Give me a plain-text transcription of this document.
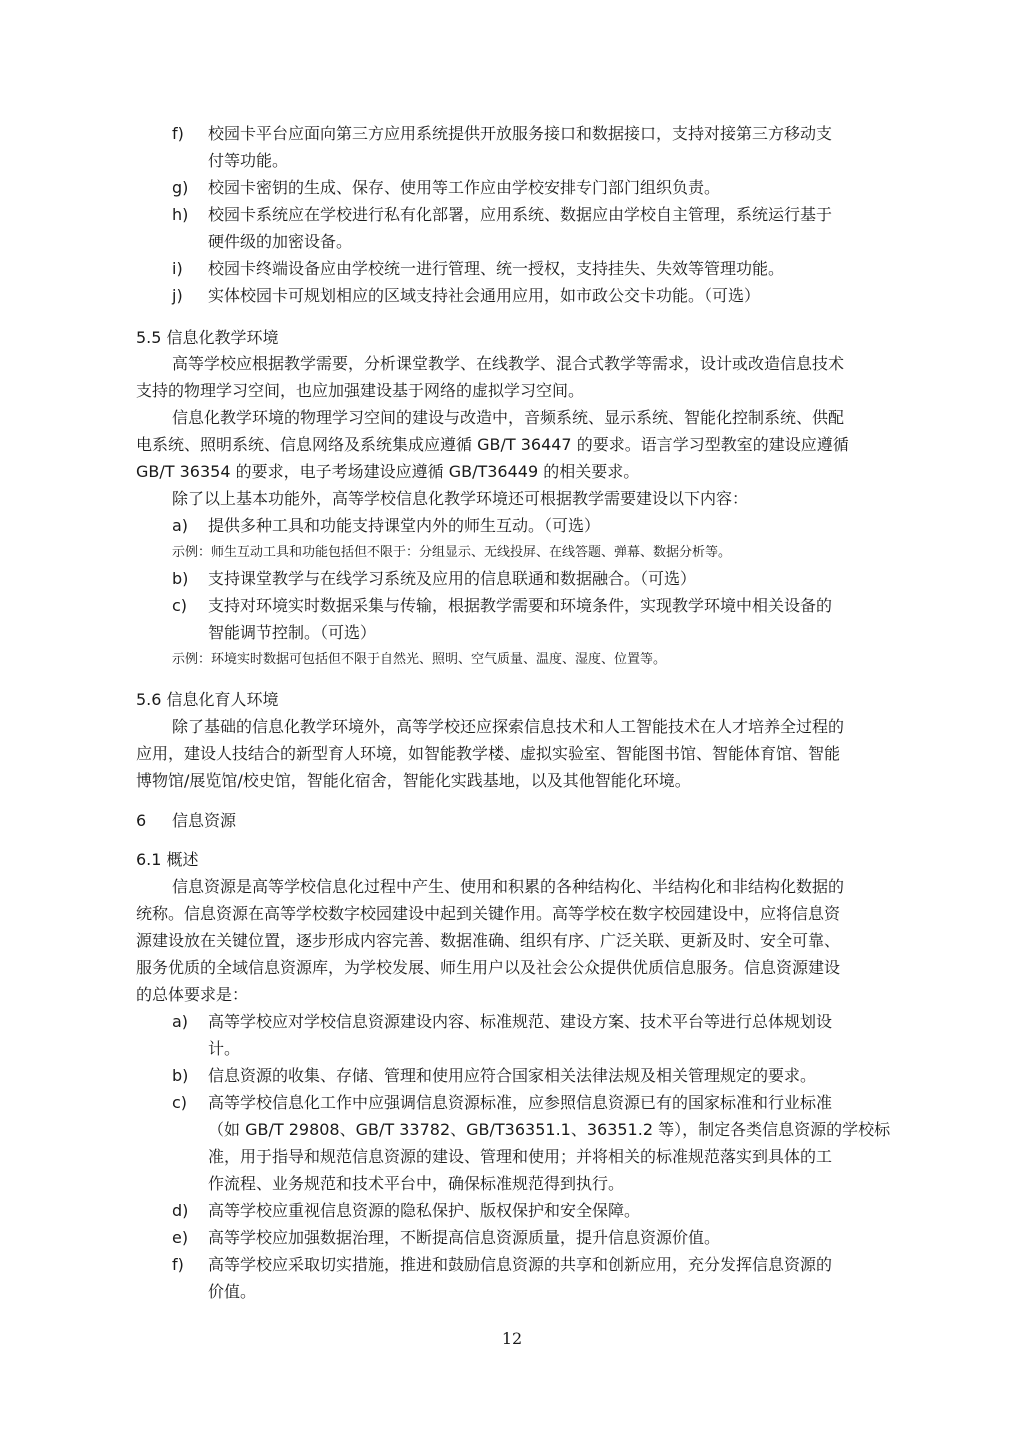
f) 校园卡平台应面向第三方应用系统提供开放服务接口和数据接口，支持对接第三方移动支
付等功能。
g) 校园卡密钥的生成、保存、使用等工作应由学校安排专门部门组织负责。
h) 校园卡系统应在学校进行私有化部署，应用系统、数据应由学校自主管理，系统运行基于
硬件级的加密设备。
i) 校园卡终端设备应由学校统一进行管理、统一授权，支持挂失、失效等管理功能。
j) 实体校园卡可规划相应的区域支持社会通用应用，如市政公交卡功能。（可选）
5.5 信息化教学环境
高等学校应根据教学需要，分析课堂教学、在线教学、混合式教学等需求，设计或改造信息技术
支持的物理学习空间，也应加强建设基于网络的虚拟学习空间。
信息化教学环境的物理学习空间的建设与改造中，音频系统、显示系统、智能化控制系统、供配
电系统、照明系统、信息网络及系统集成应遵循 GB/T 36447 的要求。语言学习型教室的建设应遵循
GB/T 36354 的要求，电子考场建设应遵循 GB/T36449 的相关要求。
除了以上基本功能外，高等学校信息化教学环境还可根据教学需要建设以下内容：
a) 提供多种工具和功能支持课堂内外的师生互动。（可选）
示例：师生互动工具和功能包括但不限于：分组显示、无线投屏、在线答题、弹幕、数据分析等。
b) 支持课堂教学与在线学习系统及应用的信息联通和数据融合。（可选）
c) 支持对环境实时数据采集与传输，根据教学需要和环境条件，实现教学环境中相关设备的
智能调节控制。（可选）
示例：环境实时数据可包括但不限于自然光、照明、空气质量、温度、湿度、位置等。
5.6 信息化育人环境
除了基础的信息化教学环境外，高等学校还应探索信息技术和人工智能技术在人才培养全过程的
应用，建设人技结合的新型育人环境，如智能教学楼、虚拟实验室、智能图书馆、智能体育馆、智能
博物馆/展览馆/校史馆，智能化宿舍，智能化实践基地，以及其他智能化环境。
6 信息资源
6.1 概述
信息资源是高等学校信息化过程中产生、使用和积累的各种结构化、半结构化和非结构化数据的
统称。信息资源在高等学校数字校园建设中起到关键作用。高等学校在数字校园建设中，应将信息资
源建设放在关键位置，逐步形成内容完善、数据准确、组织有序、广泛关联、更新及时、安全可靠、
服务优质的全域信息资源库，为学校发展、师生用户以及社会公众提供优质信息服务。信息资源建设
的总体要求是：
a) 高等学校应对学校信息资源建设内容、标准规范、建设方案、技术平台等进行总体规划设
计。
b) 信息资源的收集、存储、管理和使用应符合国家相关法律法规及相关管理规定的要求。
c) 高等学校信息化工作中应强调信息资源标准，应参照信息资源已有的国家标准和行业标准
（如 GB/T 29808、GB/T 33782、GB/T36351.1、36351.2 等），制定各类信息资源的学校标
准，用于指导和规范信息资源的建设、管理和使用；并将相关的标准规范落实到具体的工
作流程、业务规范和技术平台中，确保标准规范得到执行。
d) 高等学校应重视信息资源的隐私保护、版权保护和安全保障。
e) 高等学校应加强数据治理，不断提高信息资源质量，提升信息资源价值。
f) 高等学校应采取切实措施，推进和鼓励信息资源的共享和创新应用，充分发挥信息资源的
价值。
12
